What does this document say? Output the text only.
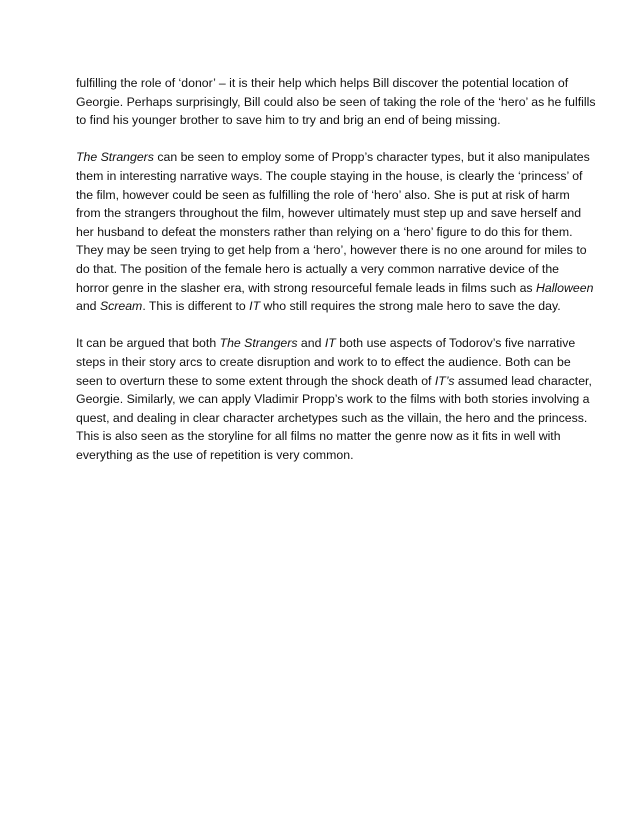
fulfilling the role of ‘donor’ – it is their help which helps Bill discover the potential location of
Georgie. Perhaps surprisingly, Bill could also be seen of taking the role of the ‘hero’ as he fulfills
to find his younger brother to save him to try and brig an end of being missing.

The Strangers can be seen to employ some of Propp’s character types, but it also manipulates
them in interesting narrative ways. The couple staying in the house, is clearly the ‘princess’ of
the film, however could be seen as fulfilling the role of ‘hero’ also. She is put at risk of harm
from the strangers throughout the film, however ultimately must step up and save herself and
her husband to defeat the monsters rather than relying on a ‘hero’ figure to do this for them.
They may be seen trying to get help from a ‘hero’, however there is no one around for miles to
do that. The position of the female hero is actually a very common narrative device of the
horror genre in the slasher era, with strong resourceful female leads in films such as Halloween
and Scream. This is different to IT who still requires the strong male hero to save the day.

It can be argued that both The Strangers and IT both use aspects of Todorov’s five narrative
steps in their story arcs to create disruption and work to to effect the audience. Both can be
seen to overturn these to some extent through the shock death of IT’s assumed lead character,
Georgie. Similarly, we can apply Vladimir Propp’s work to the films with both stories involving a
quest, and dealing in clear character archetypes such as the villain, the hero and the princess.
This is also seen as the storyline for all films no matter the genre now as it fits in well with
everything as the use of repetition is very common.
